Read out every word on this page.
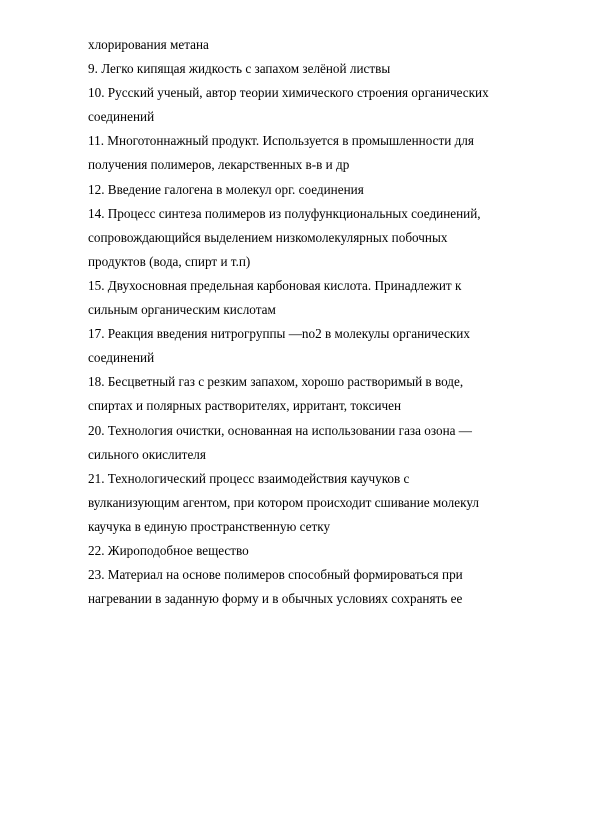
хлорирования метана
9. Легко кипящая жидкость с запахом зелёной листвы
10. Русский ученый, автор теории химического строения органических
соединений
11. Многотоннажный продукт. Используется в промышленности для
получения полимеров, лекарственных в-в и др
12. Введение галогена в молекул орг. соединения
14. Процесс синтеза полимеров из полуфункциональных соединений,
сопровождающийся выделением низкомолекулярных побочных
продуктов (вода, спирт и т.п)
15. Двухосновная предельная карбоновая кислота. Принадлежит к
сильным органическим кислотам
17. Реакция введения нитрогруппы —no2 в молекулы органических
соединений
18. Бесцветный газ с резким запахом, хорошо растворимый в воде,
спиртах и полярных растворителях, ирритант, токсичен
20. Технология очистки, основанная на использовании газа озона —
сильного окислителя
21. Технологический процесс взаимодействия каучуков с
вулканизующим агентом, при котором происходит сшивание молекул
каучука в единую пространственную сетку
22. Жироподобное вещество
23. Материал на основе полимеров способный формироваться при
нагревании в заданную форму и в обычных условиях сохранять ее
